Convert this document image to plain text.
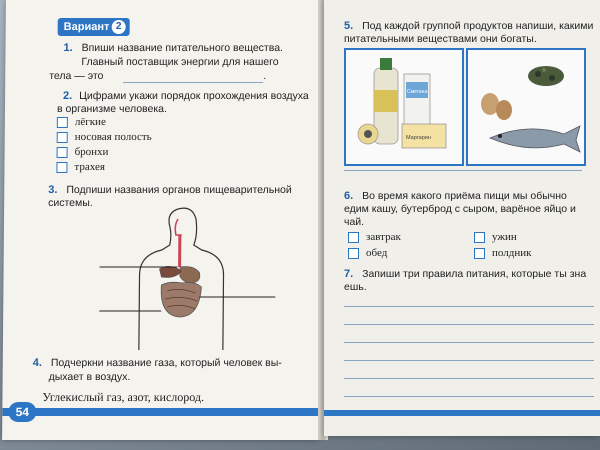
Вариант 2
1. Впиши название питательного вещества.
Главный поставщик энергии для нашего
тела — это	.
2. Цифрами укажи порядок прохождения воздуха
в организме человека.
лёгкие
носовая полость
бронхи
трахея
3. Подпиши названия органов пищеварительной
системы.
4. Подчеркни название газа, который человек вы-
дыхает в воздух.
Углекислый газ, азот, кислород.
54
5. Под каждой группой продуктов напиши, какими
питательными веществами они богаты.
Сметана
Маргарин
6. Во время какого приёма пищи мы обычно
едим кашу, бутерброд с сыром, варёное яйцо и
чай.
завтрак	ужин
обед	полдник
7. Запиши три правила питания, которые ты зна
ешь.
